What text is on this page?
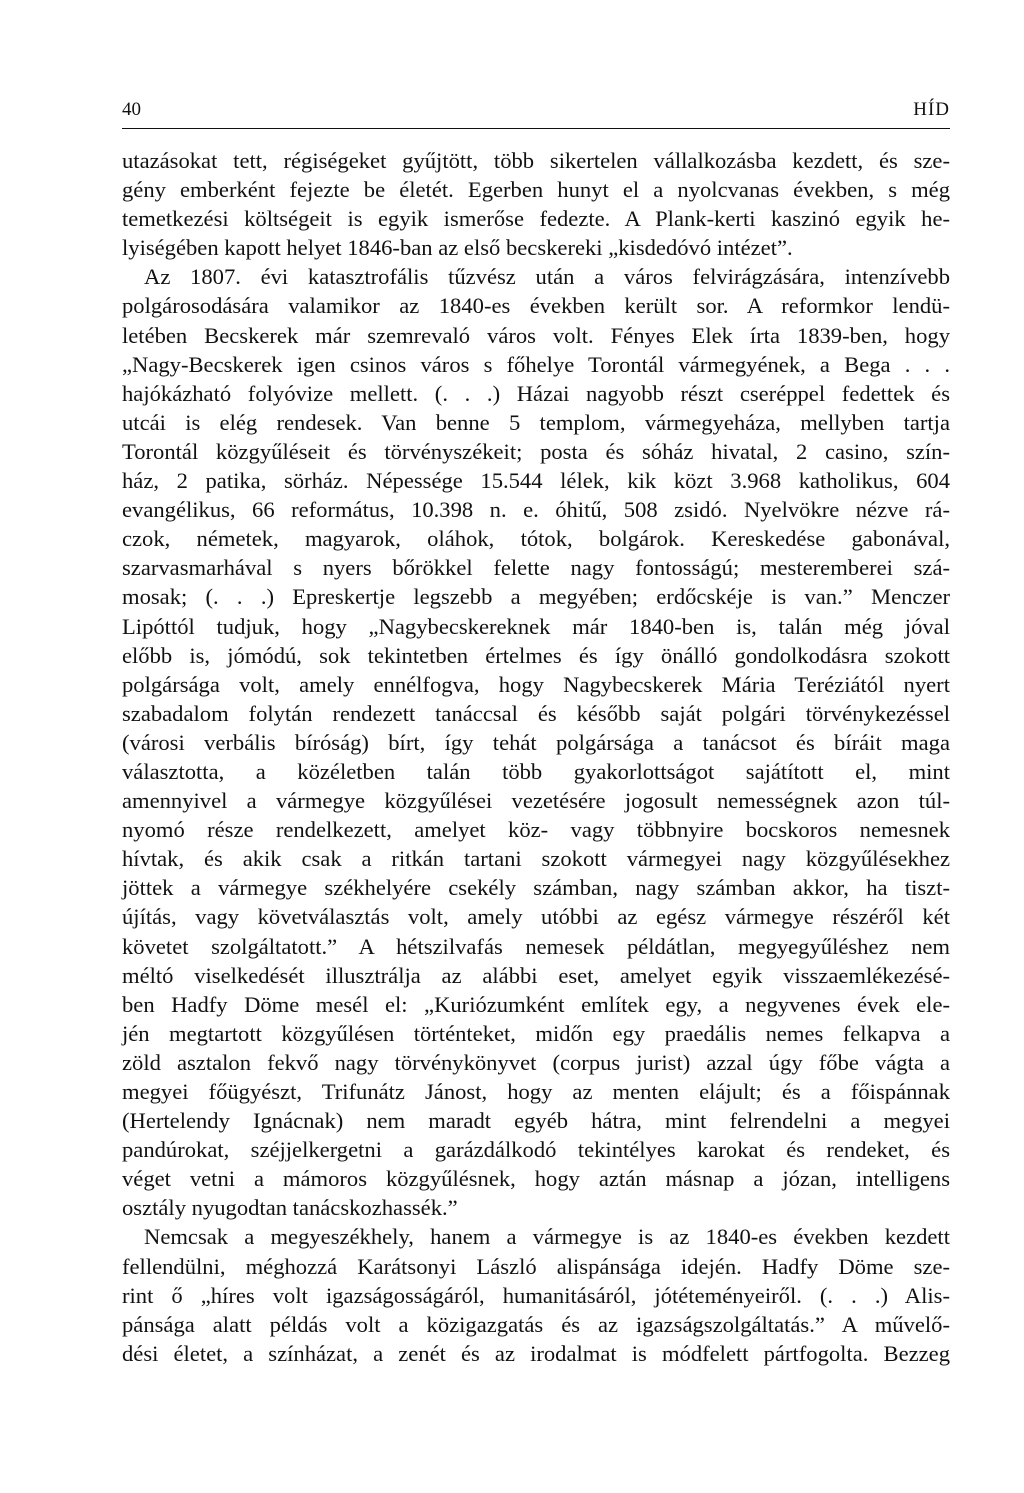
40	HÍD
utazásokat tett, régiségeket gyűjtött, több sikertelen vállalkozásba kezdett, és sze-
gény emberként fejezte be életét. Egerben hunyt el a nyolcvanas években, s még
temetkezési költségeit is egyik ismerőse fedezte. A Plank-kerti kaszinó egyik he-
lyiségében kapott helyet 1846-ban az első becskereki „kisdedóvó intézet”.
Az 1807. évi katasztrofális tűzvész után a város felvirágzására, intenzívebb
polgárosodására valamikor az 1840-es években került sor. A reformkor lendü-
letében Becskerek már szemrevaló város volt. Fényes Elek írta 1839-ben, hogy
„Nagy-Becskerek igen csinos város s főhelye Torontál vármegyének, a Bega . . .
hajókázható folyóvize mellett. (. . .) Házai nagyobb részt cseréppel fedettek és
utcái is elég rendesek. Van benne 5 templom, vármegyeháza, mellyben tartja
Torontál közgyűléseit és törvényszékeit; posta és sóház hivatal, 2 casino, szín-
ház, 2 patika, sörház. Népessége 15.544 lélek, kik közt 3.968 katholikus, 604
evangélikus, 66 református, 10.398 n. e. óhitű, 508 zsidó. Nyelvökre nézve rá-
czok, németek, magyarok, oláhok, tótok, bolgárok. Kereskedése gabonával,
szarvasmarhával s nyers bőrökkel felette nagy fontosságú; mesteremberei szá-
mosak; (. . .) Epreskertje legszebb a megyében; erdőcskéje is van.” Menczer
Lipóttól tudjuk, hogy „Nagybecskereknek már 1840-ben is, talán még jóval
előbb is, jómódú, sok tekintetben értelmes és így önálló gondolkodásra szokott
polgársága volt, amely ennélfogva, hogy Nagybecskerek Mária Teréziától nyert
szabadalom folytán rendezett tanáccsal és később saját polgári törvénykezéssel
(városi verbális bíróság) bírt, így tehát polgársága a tanácsot és bíráit maga
választotta, a közéletben talán több gyakorlottságot sajátított el, mint
amennyivel a vármegye közgyűlései vezetésére jogosult nemességnek azon túl-
nyomó része rendelkezett, amelyet köz- vagy többnyire bocskoros nemesnek
hívtak, és akik csak a ritkán tartani szokott vármegyei nagy közgyűlésekhez
jöttek a vármegye székhelyére csekély számban, nagy számban akkor, ha tiszt-
újítás, vagy követválasztás volt, amely utóbbi az egész vármegye részéről két
követet szolgáltatott.” A hétszilvafás nemesek példátlan, megyegyűléshez nem
méltó viselkedését illusztrálja az alábbi eset, amelyet egyik visszaemlékezésé-
ben Hadfy Döme mesél el: „Kuriózumként említek egy, a negyvenes évek ele-
jén megtartott közgyűlésen történteket, midőn egy praedális nemes felkapva a
zöld asztalon fekvő nagy törvénykönyvet (corpus jurist) azzal úgy főbe vágta a
megyei főügyészt, Trifunátz Jánost, hogy az menten elájult; és a főispánnak
(Hertelendy Ignácnak) nem maradt egyéb hátra, mint felrendelni a megyei
pandúrokat, széjjelkergetni a garázdálkodó tekintélyes karokat és rendeket, és
véget vetni a mámoros közgyűlésnek, hogy aztán másnap a józan, intelligens
osztály nyugodtan tanácskozhassék.”
Nemcsak a megyeszékhely, hanem a vármegye is az 1840-es években kezdett
fellendülni, méghozzá Karátsonyi László alispánsága idején. Hadfy Döme sze-
rint ő „híres volt igazságosságáról, humanitásáról, jótéteményeiről. (. . .) Alis-
pánsága alatt példás volt a közigazgatás és az igazságszolgáltatás.” A művelő-
dési életet, a színházat, a zenét és az irodalmat is módfelett pártfogolta. Bezzeg
